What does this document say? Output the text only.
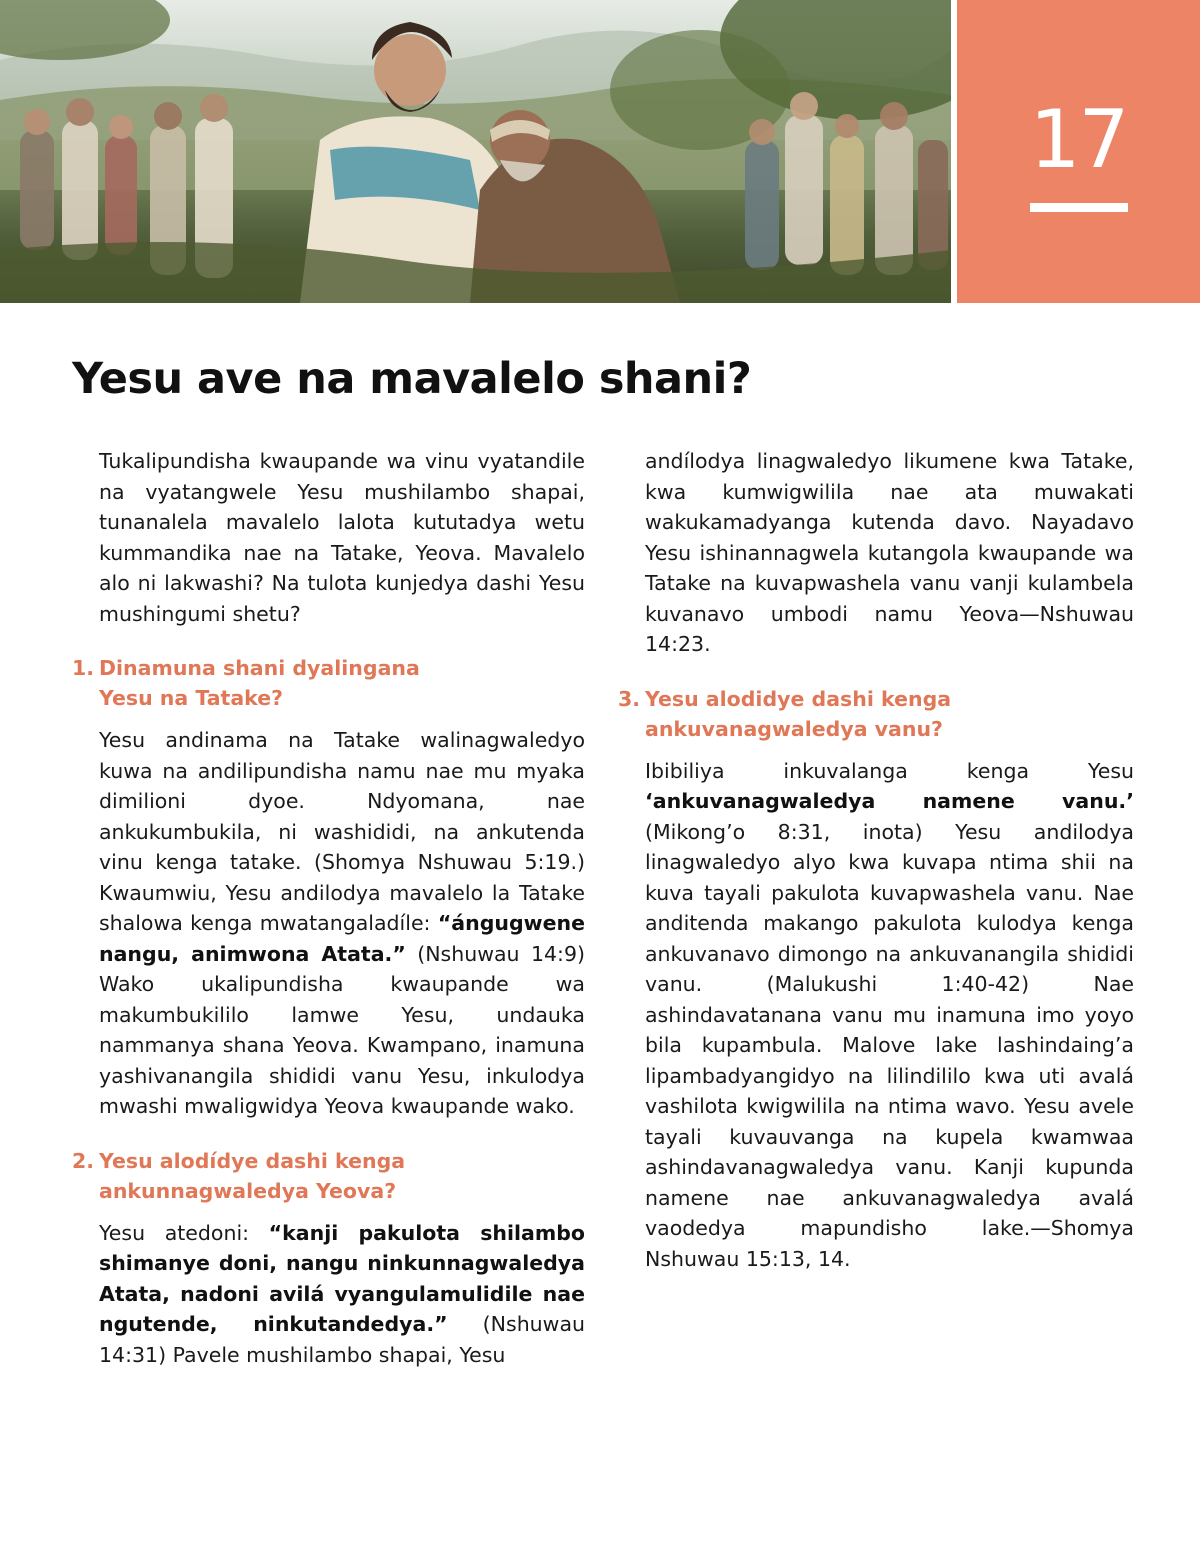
17
Yesu ave na mavalelo shani?

Tukalipundisha kwaupande wa vinu vyatandile na vyatangwele Yesu mushilambo shapai, tunanalela mavalelo lalota kututadya wetu kummandika nae na Tatake, Yeova. Mavalelo alo ni lakwashi? Na tulota kunjedya dashi Yesu mushingumi shetu?

1. Dinamuna shani dyalingana
Yesu na Tatake?

Yesu andinama na Tatake walinagwaledyo kuwa na andilipundisha namu nae mu myaka dimilioni dyoe. Ndyomana, nae ankukumbukila, ni washididi, na ankutenda vinu kenga tatake. (Shomya Nshuwau 5:19.) Kwaumwiu, Yesu andilodya mavalelo la Tatake shalowa kenga mwatangaladíle: “ángugwene nangu, animwona Atata.” (Nshuwau 14:9) Wako ukalipundisha kwaupande wa makumbukililo lamwe Yesu, undauka nammanya shana Yeova. Kwampano, inamuna yashivanangila shididi vanu Yesu, inkulodya mwashi mwaligwidya Yeova kwaupande wako.

2. Yesu alodídye dashi kenga
ankunnagwaledya Yeova?

Yesu atedoni: “kanji pakulota shilambo shimanye doni, nangu ninkunnagwaledya Atata, nadoni avilá vyangulamulidile nae ngutende, ninkutandedya.” (Nshuwau 14:31) Pavele mushilambo shapai, Yesu

andílodya linagwaledyo likumene kwa Tatake, kwa kumwigwilila nae ata muwakati wakukamadyanga kutenda davo. Nayadavo Yesu ishinannagwela kutangola kwaupande wa Tatake na kuvapwashela vanu vanji kulambela kuvanavo umbodi namu Yeova—Nshuwau 14:23.

3. Yesu alodidye dashi kenga
ankuvanagwaledya vanu?

Ibibiliya inkuvalanga kenga Yesu ‘ankuvanagwaledya namene vanu.’ (Mikong’o 8:31, inota) Yesu andilodya linagwaledyo alyo kwa kuvapa ntima shii na kuva tayali pakulota kuvapwashela vanu. Nae anditenda makango pakulota kulodya kenga ankuvanavo dimongo na ankuvanangila shididi vanu. (Malukushi 1:40-42) Nae ashindavatanana vanu mu inamuna imo yoyo bila kupambula. Malove lake lashindaing’a lipambadyangidyo na lilindililo kwa uti avalá vashilota kwigwilila na ntima wavo. Yesu avele tayali kuvauvanga na kupela kwamwaa ashindavanagwaledya vanu. Kanji kupunda namene nae ankuvanagwaledya avalá vaodedya mapundisho lake.—Shomya Nshuwau 15:13, 14.
